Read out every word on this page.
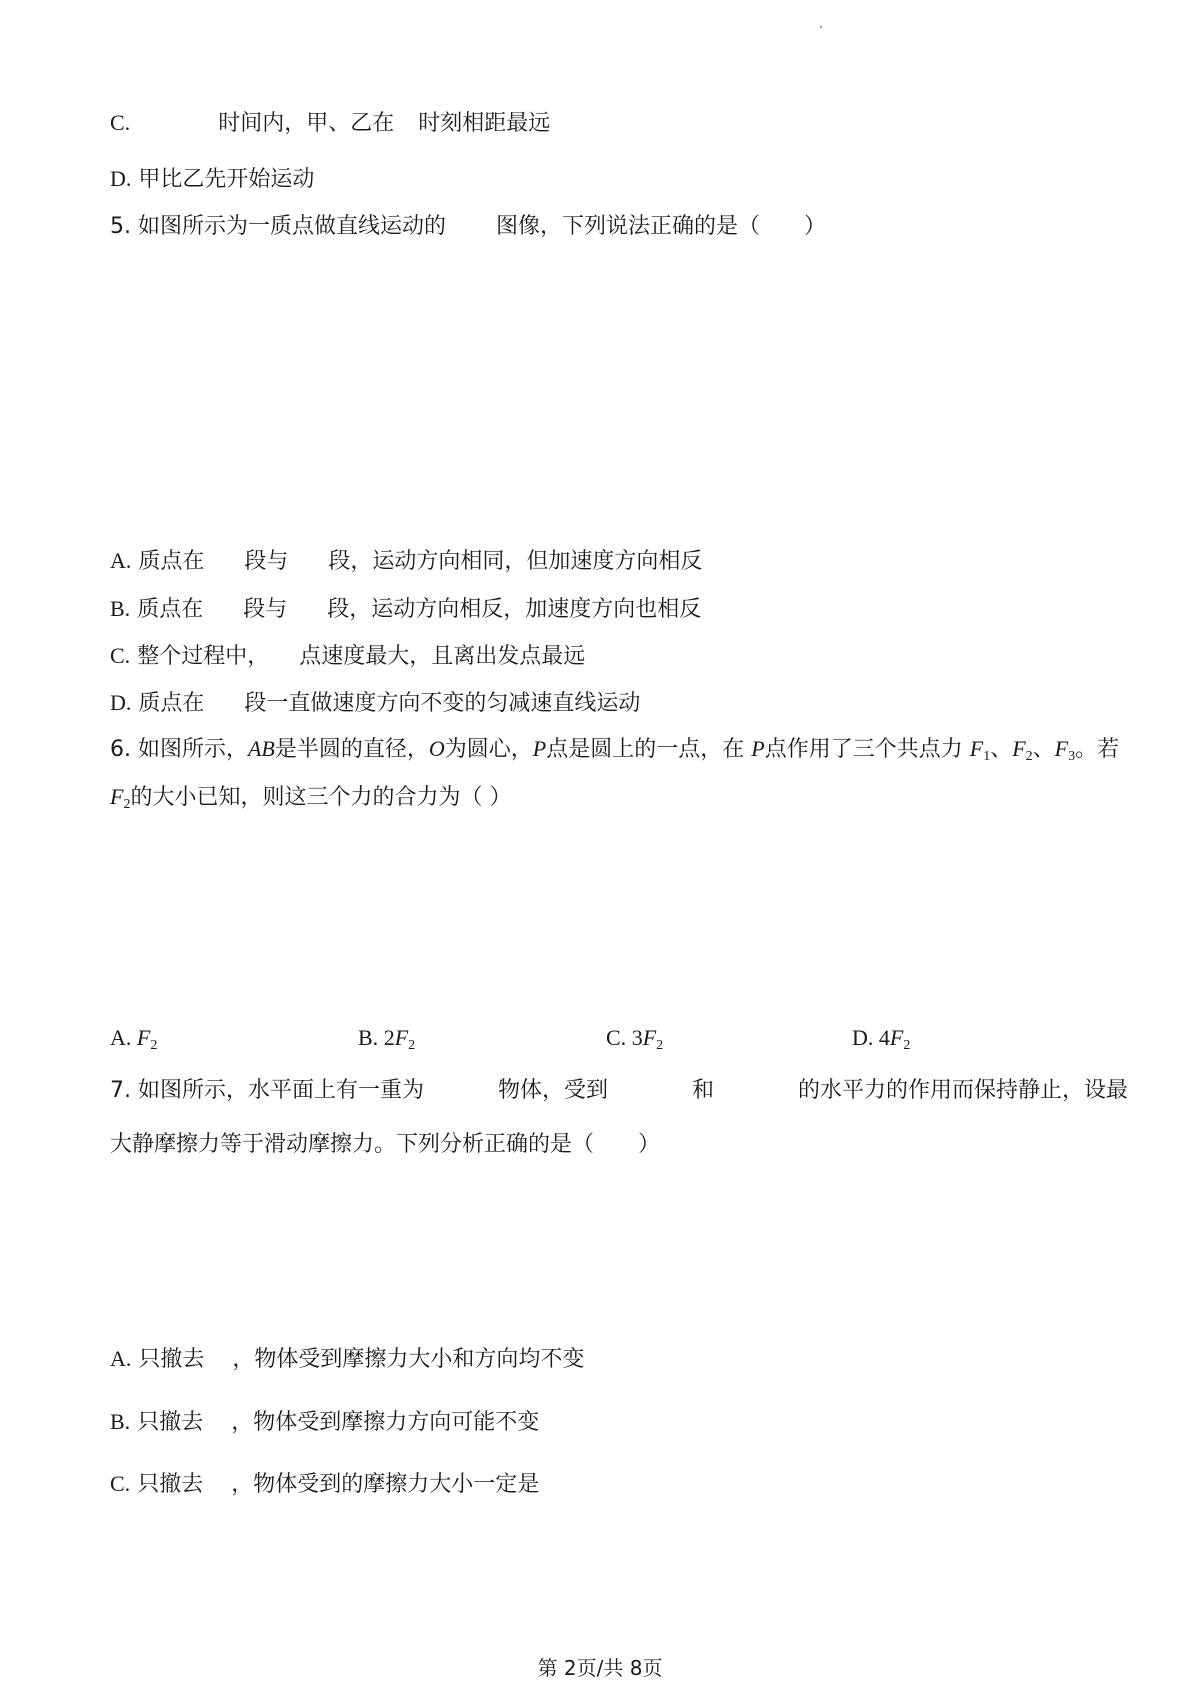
C.	时间内，甲、乙在 时刻相距最远
D. 甲比乙先开始运动
5. 如图所示为一质点做直线运动的 图像，下列说法正确的是（　　）
A. 质点在 段与 段，运动方向相同，但加速度方向相反
B. 质点在 段与 段，运动方向相反，加速度方向也相反
C. 整个过程中， 点速度最大，且离出发点最远
D. 质点在 段一直做速度方向不变的匀减速直线运动
6. 如图所示，AB是半圆的直径，O为圆心，P点是圆上的一点，在 P点作用了三个共点力 $F_1$、$F_2$、$F_3$。若
$F_2$的大小已知，则这三个力的合力为（ ）
A. $F_2$	B. $2F_2$	C. $3F_2$	D. $4F_2$
7. 如图所示，水平面上有一重为	物体，受到	和	的水平力的作用而保持静止，设最
大静摩擦力等于滑动摩擦力。下列分析正确的是（　　）
A. 只撤去 ，物体受到摩擦力大小和方向均不变
B. 只撤去 ，物体受到摩擦力方向可能不变
C. 只撤去 ，物体受到的摩擦力大小一定是
第 2页/共 8页
